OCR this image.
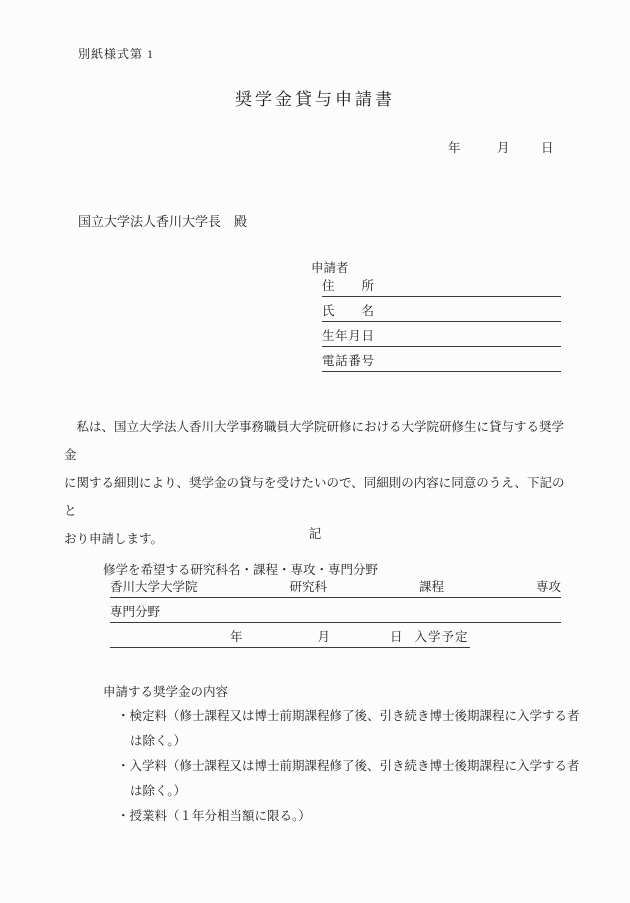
別紙様式第 1
奨学金貸与申請書
年	月	日
国立大学法人香川大学長　殿
申請者
住所
氏名
生年月日
電話番号
　私は、国立大学法人香川大学事務職員大学院研修における大学院研修生に貸与する奨学金
に関する細則により、奨学金の貸与を受けたいので、同細則の内容に同意のうえ、下記のと
おり申請します。	記
修学を希望する研究科名・課程・専攻・専門分野
香川大学大学院	研究科	課程	専攻
専門分野
年	月	日 入学予定
申請する奨学金の内容
・検定料（修士課程又は博士前期課程修了後、引き続き博士後期課程に入学する者
は除く。）
・入学料（修士課程又は博士前期課程修了後、引き続き博士後期課程に入学する者
は除く。）
・授業料（１年分相当額に限る。）
